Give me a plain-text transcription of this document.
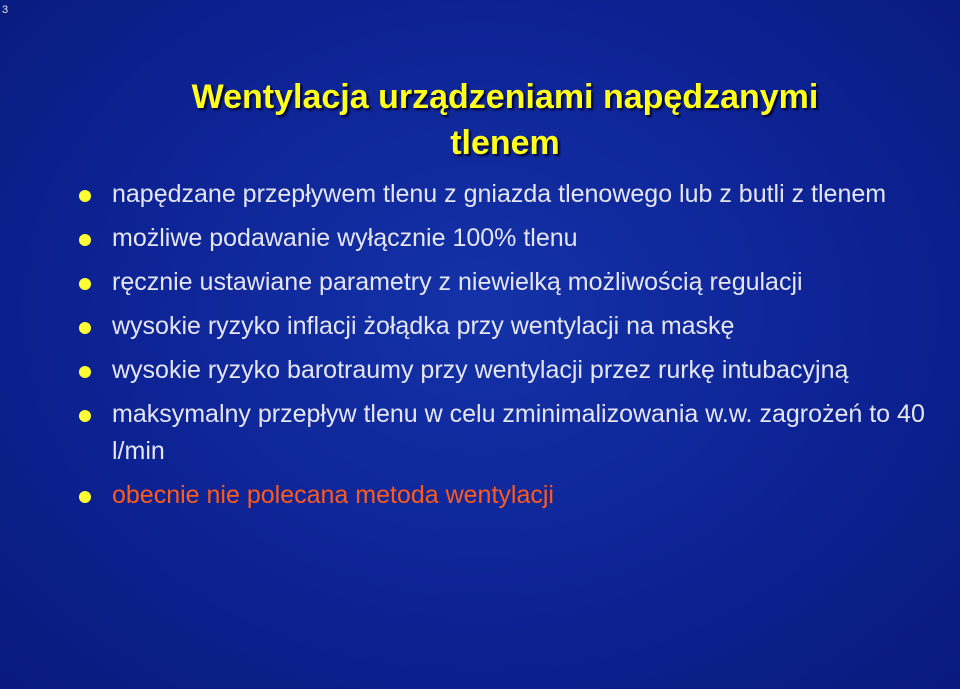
3
Wentylacja urządzeniami napędzanymi
tlenem
napędzane przepływem tlenu z gniazda tlenowego lub z butli z tlenem
możliwe podawanie wyłącznie 100% tlenu
ręcznie ustawiane parametry z niewielką możliwością regulacji
wysokie ryzyko inflacji żołądka przy wentylacji na maskę
wysokie ryzyko barotraumy przy wentylacji przez rurkę intubacyjną
maksymalny przepływ tlenu w celu zminimalizowania w.w. zagrożeń to 40 l/min
obecnie nie polecana metoda wentylacji
